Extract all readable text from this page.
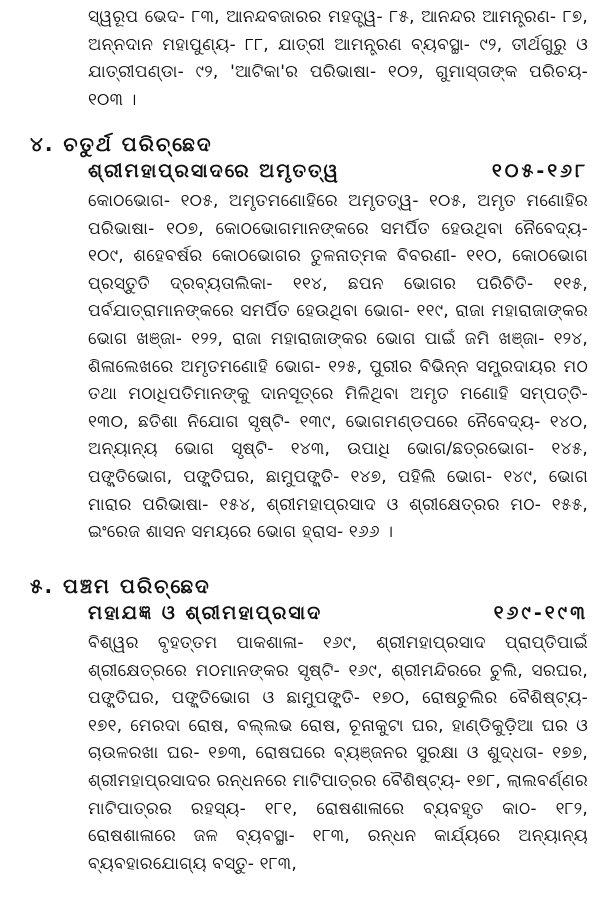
ସ୍ୱରୂପ ଭେଦ- ୮୩, ଆନନ୍ଦବଜାରର ମହତ୍ତ୍ୱ- ୮୫, ଆନନ୍ଦର ଆମନ୍ତ୍ରଣ- ୮୭, ଅନ୍ନଦାନ ମହାପୁଣ୍ୟ- ୮୮, ଯାତ୍ରୀ ଆମନ୍ତ୍ରଣ ବ୍ୟବସ୍ଥା- ୯୨, ତୀର୍ଥଗୁରୁ ଓ ଯାତ୍ରୀପଣ୍ଡା- ୯୨, 'ଆଟିକା'ର ପରିଭାଷା- ୧୦୨, ଗୁମାସ୍ତାଙ୍କ ପରିଚୟ- ୧୦୩ ।

୪. ଚତୁର୍ଥ ପରିଚ୍ଛେଦ
ଶ୍ରୀମହାପ୍ରସାଦରେ ଅମୃତତ୍ୱ	୧୦୫-୧୬୮

କୋଠଭୋଗ- ୧୦୫, ଅମୃତମଣୋହିରେ ଅମୃତତ୍ୱ- ୧୦୫, ଅମୃତ ମଣୋହିର ପରିଭାଷା- ୧୦୭, କୋଠଭୋଗମାନଙ୍କରେ ସମର୍ପିତ ହେଉଥିବା ନୈବେଦ୍ୟ- ୧୦୯, ଶହେବର୍ଷର କୋଠଭୋଗର ତୁଳନାତ୍ମକ ବିବରଣୀ- ୧୧୦, କୋଠଭୋଗ ପ୍ରସ୍ତୁତି ଦ୍ରବ୍ୟତାଲିକା- ୧୧୪, ଛପନ ଭୋଗର ପରିଚିତି- ୧୧୫, ପର୍ବଯାତ୍ରାମାନଙ୍କରେ ସମର୍ପିତ ହେଉଥିବା ଭୋଗ- ୧୧୯, ରାଜା ମହାରାଜାଙ୍କର ଭୋଗ ଖଞ୍ଜା- ୧୨୨, ରାଜା ମହାରାଜାଙ୍କର ଭୋଗ ପାଇଁ ଜମି ଖଞ୍ଜା- ୧୨୪, ଶିଳାଲେଖରେ ଅମୃତମଣୋହି ଭୋଗ- ୧୨୫, ପୁରୀର ବିଭିନ୍ନ ସମ୍ପ୍ରଦାୟର ମଠ ତଥା ମଠାଧିପତିମାନଙ୍କୁ ଦାନସୂତ୍ରେ ମିଳିଥିବା ଅମୃତ ମଣୋହି ସମ୍ପତ୍ତି- ୧୩୦, ଛତିଶା ନିଯୋଗ ସୃଷ୍ଟି- ୧୩୯, ଭୋଗମଣ୍ଡପରେ ନୈବେଦ୍ୟ- ୧୪୦, ଅନ୍ୟାନ୍ୟ ଭୋଗ ସୃଷ୍ଟି- ୧୪୩, ଉପାଧି ଭୋଗ/ଛତ୍ରଭୋଗ- ୧୪୫, ପଙ୍କ୍ତିଭୋଗ, ପଙ୍କ୍ତିଘର, ଛାମୁପଙ୍କ୍ତି- ୧୪୭, ପହିଲି ଭୋଗ- ୧୪୯, ଭୋଗ ମାରାର ପରିଭାଷା- ୧୫୪, ଶ୍ରୀମହାପ୍ରସାଦ ଓ ଶ୍ରୀକ୍ଷେତ୍ରର ମଠ- ୧୫୫, ଇଂରେଜ ଶାସନ ସମୟରେ ଭୋଗ ହ୍ରାସ- ୧୬୬ ।

୫. ପଞ୍ଚମ ପରିଚ୍ଛେଦ
ମହାଯଜ୍ଞ ଓ ଶ୍ରୀମହାପ୍ରସାଦ	୧୬୯-୧୯୩

ବିଶ୍ୱର ବୃହତ୍ତମ ପାକଶାଳା- ୧୬୯, ଶ୍ରୀମହାପ୍ରସାଦ ପ୍ରାପ୍ତିପାଇଁ ଶ୍ରୀକ୍ଷେତ୍ରରେ ମଠମାନଙ୍କର ସୃଷ୍ଟି- ୧୬୯, ଶ୍ରୀମନ୍ଦିରରେ ଚୁଲି, ସରଘର, ପଙ୍କ୍ତିଘର, ପଙ୍କ୍ତିଭୋଗ ଓ ଛାମୁପଙ୍କ୍ତି- ୧୭୦, ରୋଷଚୁଲିର ବୈଶିଷ୍ଟ୍ୟ- ୧୭୧, ମେରଦା ରୋଷ, ବଲ୍ଲଭ ରୋଷ, ଚୂନାକୁଟା ଘର, ହାଣ୍ଡିକୁଡ଼ିଆ ଘର ଓ ଚାଉଳରଖା ଘର- ୧୭୩, ରୋଷଘରେ ବ୍ୟଞ୍ଜନର ସୁରକ୍ଷା ଓ ଶୁଦ୍ଧତା- ୧୭୭, ଶ୍ରୀମହାପ୍ରସାଦର ରନ୍ଧନରେ ମାଟିପାତ୍ରର ବୈଶିଷ୍ଟ୍ୟ- ୧୭୮, ଲାଲବର୍ଣ୍ଣର ମାଟିପାତ୍ରର ରହସ୍ୟ- ୧୮୧, ରୋଷଶାଳାରେ ବ୍ୟବହୃତ କାଠ- ୧୮୨, ରୋଷଶାଳାରେ ଜଳ ବ୍ୟବସ୍ଥା- ୧୮୩, ରନ୍ଧନ କାର୍ଯ୍ୟରେ ଅନ୍ୟାନ୍ୟ ବ୍ୟବହାରଯୋଗ୍ୟ ବସ୍ତୁ- ୧୮୩,
